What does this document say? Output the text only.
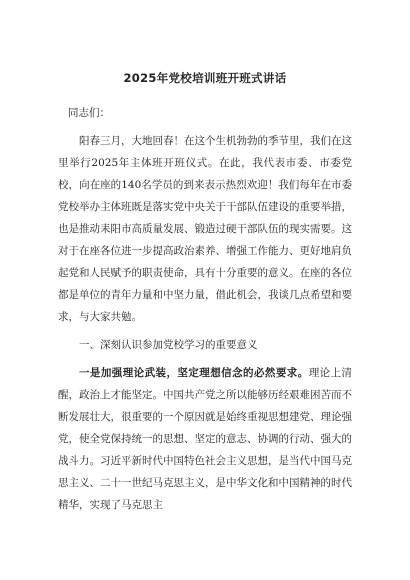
2025年党校培训班开班式讲话
同志们：

阳春三月，大地回春！在这个生机勃勃的季节里，我们在这里举行2025年主体班开班仪式。在此，我代表市委、市委党校，向在座的140名学员的到来表示热烈欢迎！我们每年在市委党校举办主体班既是落实党中央关于干部队伍建设的重要举措，也是推动耒阳市高质量发展、锻造过硬干部队伍的现实需要。这对于在座各位进一步提高政治素养、增强工作能力、更好地肩负起党和人民赋予的职责使命，具有十分重要的意义。在座的各位都是单位的青年力量和中坚力量，借此机会，我谈几点希望和要求，与大家共勉。

一、深刻认识参加党校学习的重要意义

一是加强理论武装，坚定理想信念的必然要求。理论上清醒，政治上才能坚定。中国共产党之所以能够历经艰难困苦而不断发展壮大，很重要的一个原因就是始终重视思想建党、理论强党，使全党保持统一的思想、坚定的意志、协调的行动、强大的战斗力。习近平新时代中国特色社会主义思想，是当代中国马克思主义、二十一世纪马克思主义，是中华文化和中国精神的时代精华，实现了马克思主
